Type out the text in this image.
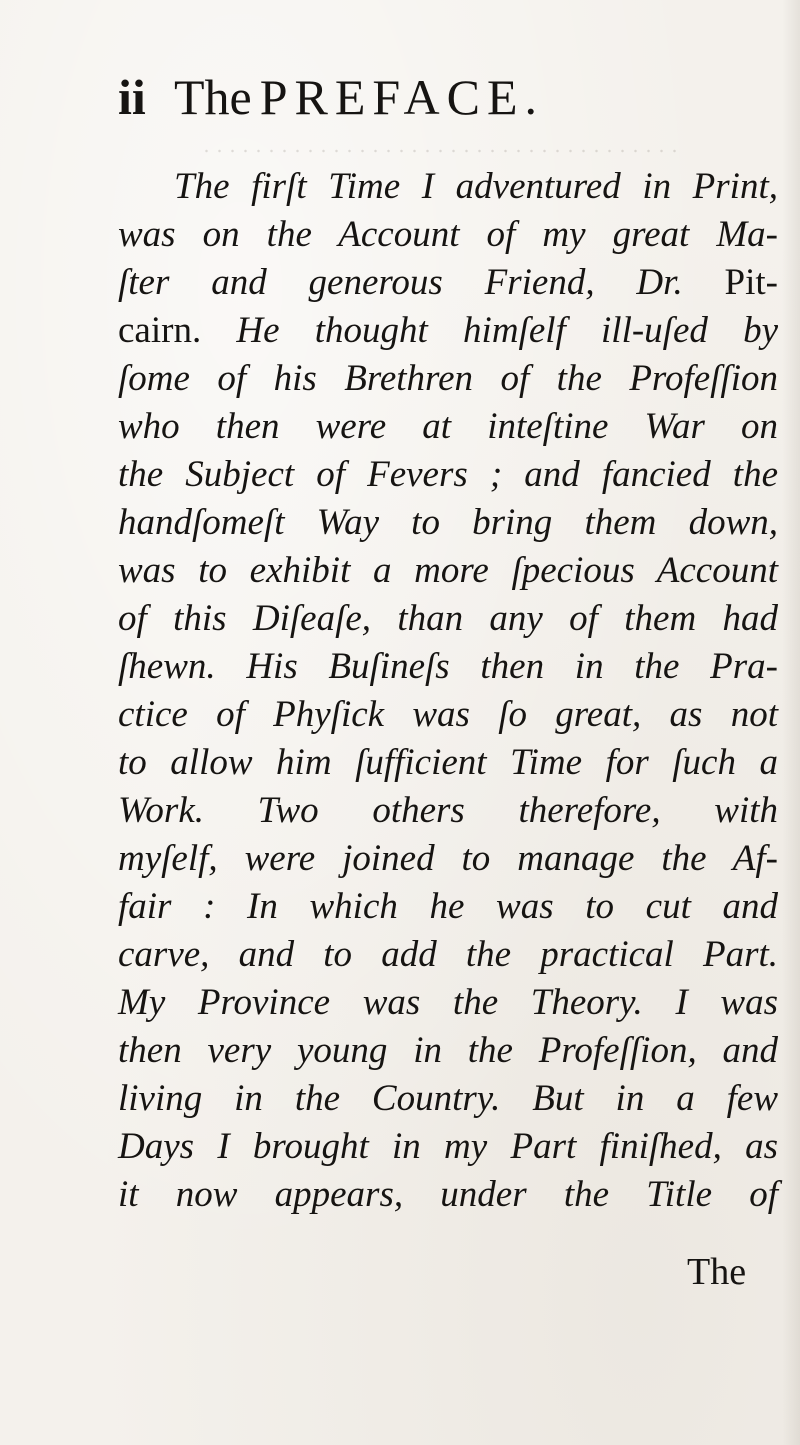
ii The PREFACE.
The firſt Time I adventured in Print,
was on the Account of my great Ma-
ſter and generous Friend, Dr. Pit-
cairn. He thought himſelf ill-uſed by
ſome of his Brethren of the Profeſſion
who then were at inteſtine War on
the Subject of Fevers ; and fancied the
handſomeſt Way to bring them down,
was to exhibit a more ſpecious Account
of this Diſeaſe, than any of them had
ſhewn. His Buſineſs then in the Pra-
ctice of Phyſick was ſo great, as not
to allow him ſufficient Time for ſuch a
Work. Two others therefore, with
myſelf, were joined to manage the Af-
fair : In which he was to cut and
carve, and to add the practical Part.
My Province was the Theory. I was
then very young in the Profeſſion, and
living in the Country. But in a few
Days I brought in my Part finiſhed, as
it now appears, under the Title of
The
